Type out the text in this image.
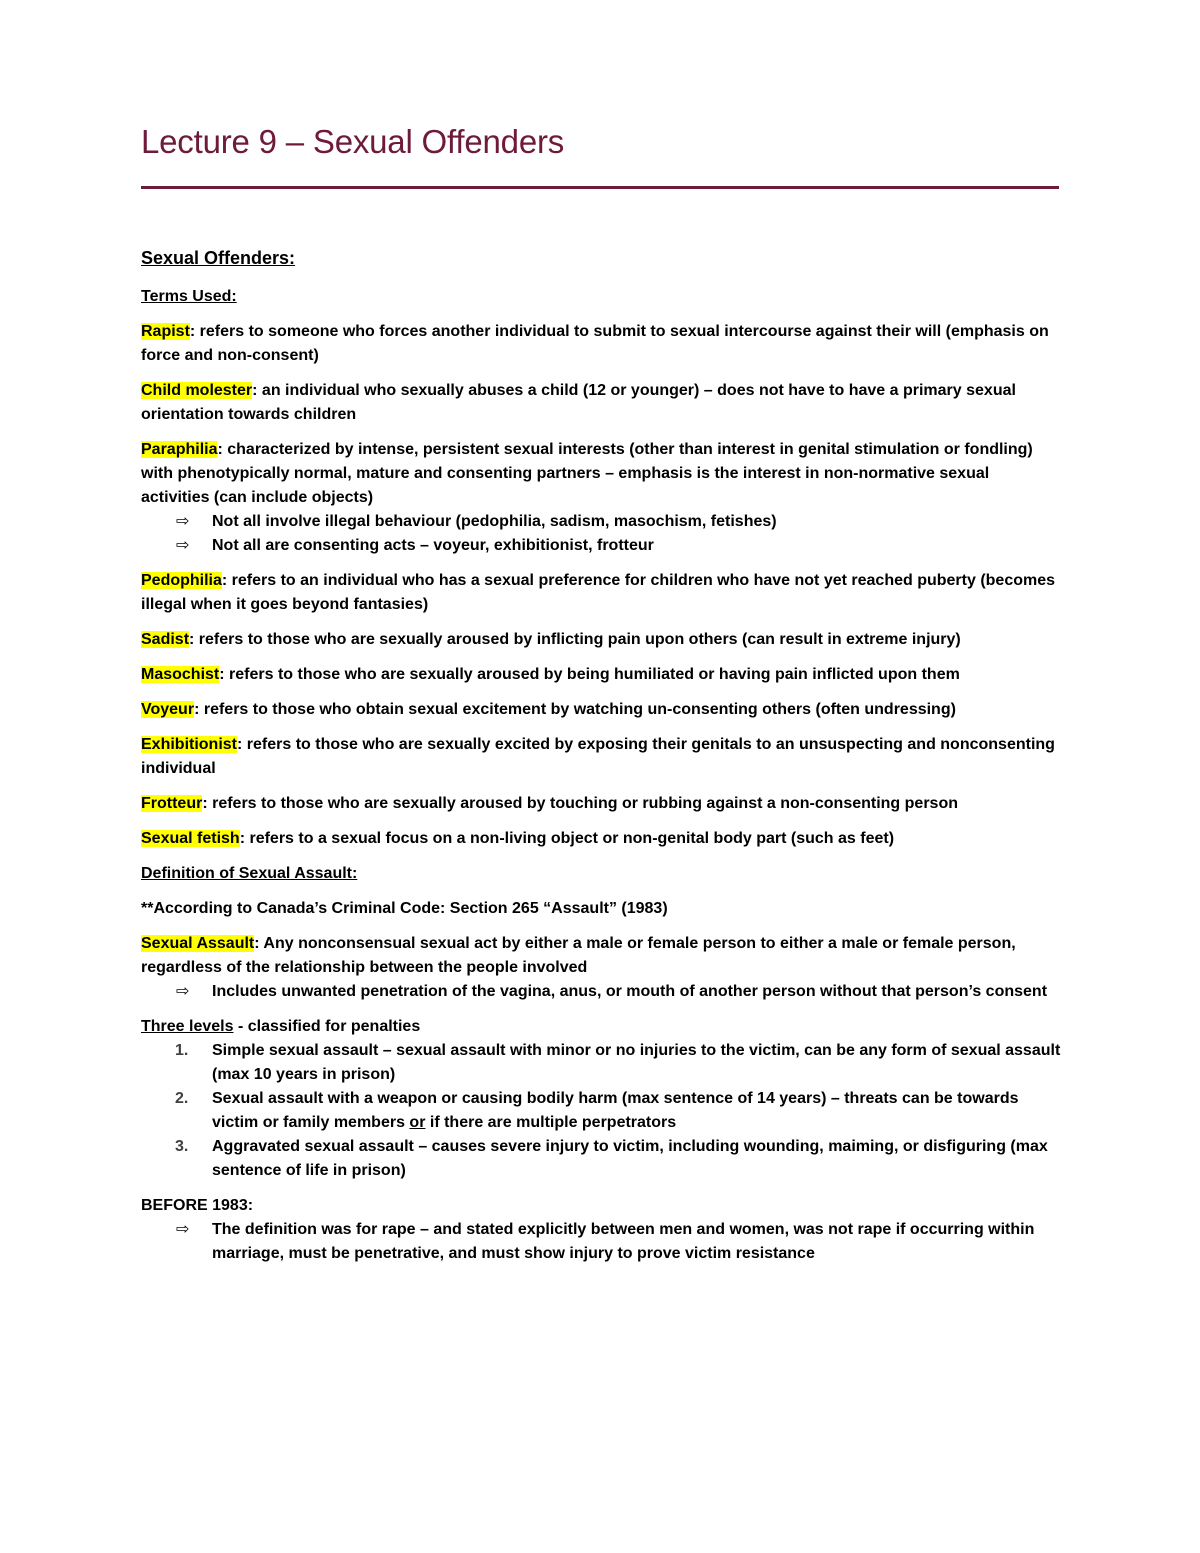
Lecture 9 – Sexual Offenders

Sexual Offenders:

Terms Used:

Rapist: refers to someone who forces another individual to submit to sexual intercourse against their will (emphasis on force and non-consent)

Child molester: an individual who sexually abuses a child (12 or younger) – does not have to have a primary sexual orientation towards children

Paraphilia: characterized by intense, persistent sexual interests (other than interest in genital stimulation or fondling) with phenotypically normal, mature and consenting partners – emphasis is the interest in non-normative sexual activities (can include objects)

⇨ Not all involve illegal behaviour (pedophilia, sadism, masochism, fetishes)
⇨ Not all are consenting acts – voyeur, exhibitionist, frotteur

Pedophilia: refers to an individual who has a sexual preference for children who have not yet reached puberty (becomes illegal when it goes beyond fantasies)

Sadist: refers to those who are sexually aroused by inflicting pain upon others (can result in extreme injury)

Masochist: refers to those who are sexually aroused by being humiliated or having pain inflicted upon them

Voyeur: refers to those who obtain sexual excitement by watching un-consenting others (often undressing)

Exhibitionist: refers to those who are sexually excited by exposing their genitals to an unsuspecting and nonconsenting individual

Frotteur: refers to those who are sexually aroused by touching or rubbing against a non-consenting person

Sexual fetish: refers to a sexual focus on a non-living object or non-genital body part (such as feet)

Definition of Sexual Assault:

**According to Canada’s Criminal Code: Section 265 “Assault” (1983)

Sexual Assault: Any nonconsensual sexual act by either a male or female person to either a male or female person, regardless of the relationship between the people involved

⇨ Includes unwanted penetration of the vagina, anus, or mouth of another person without that person’s consent

Three levels - classified for penalties

1. Simple sexual assault – sexual assault with minor or no injuries to the victim, can be any form of sexual assault (max 10 years in prison)
2. Sexual assault with a weapon or causing bodily harm (max sentence of 14 years) – threats can be towards victim or family members or if there are multiple perpetrators
3. Aggravated sexual assault – causes severe injury to victim, including wounding, maiming, or disfiguring (max sentence of life in prison)

BEFORE 1983:

⇨ The definition was for rape – and stated explicitly between men and women, was not rape if occurring within marriage, must be penetrative, and must show injury to prove victim resistance
